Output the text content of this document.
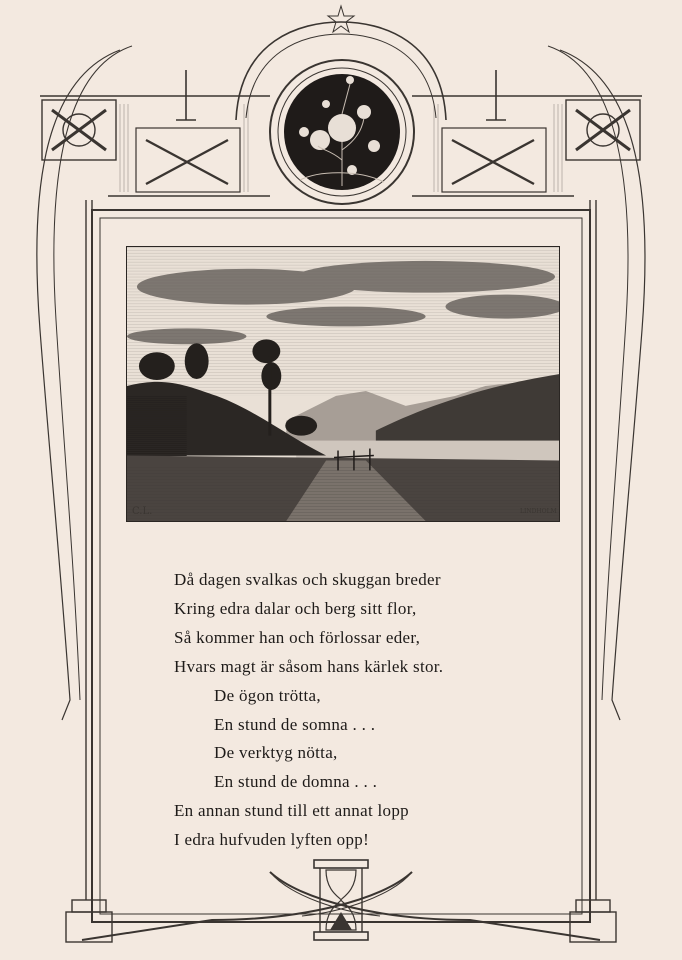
C.L.	LINDHOLM
Då dagen svalkas och skuggan breder
Kring edra dalar och berg sitt flor,
Så kommer han och förlossar eder,
Hvars magt är såsom hans kärlek stor.
De ögon trötta,
En stund de somna . . .
De verktyg nötta,
En stund de domna . . .
En annan stund till ett annat lopp
I edra hufvuden lyften opp!
